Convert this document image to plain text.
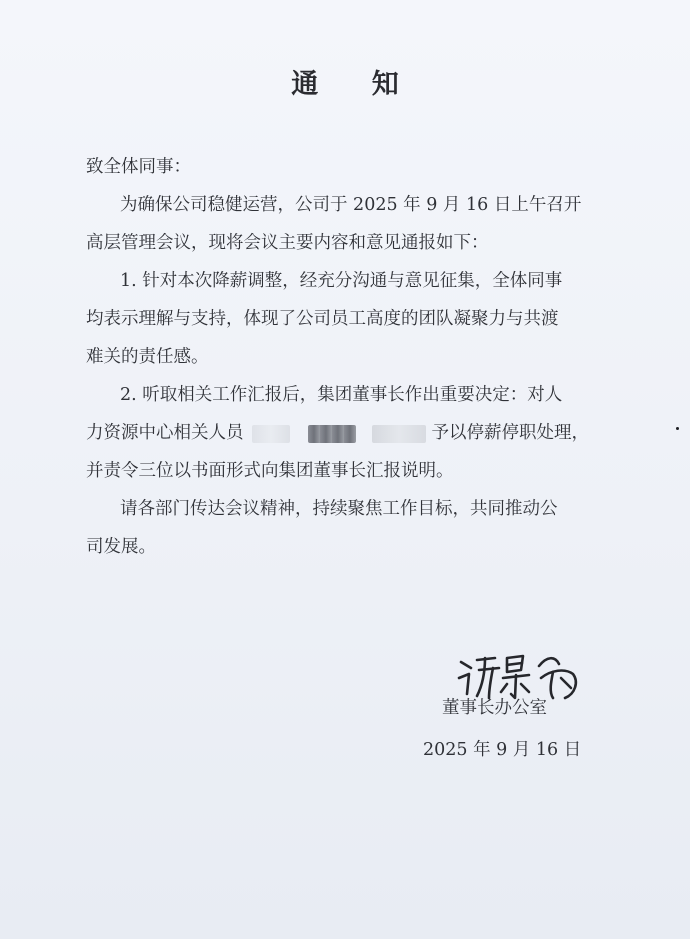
通 知
致全体同事：
为确保公司稳健运营，公司于 2025 年 9 月 16 日上午召开
高层管理会议，现将会议主要内容和意见通报如下：
1. 针对本次降薪调整，经充分沟通与意见征集，全体同事
均表示理解与支持，体现了公司员工高度的团队凝聚力与共渡
难关的责任感。
2. 听取相关工作汇报后，集团董事长作出重要决定：对人
力资源中心相关人员	予以停薪停职处理，
并责令三位以书面形式向集团董事长汇报说明。
请各部门传达会议精神，持续聚焦工作目标，共同推动公
司发展。
董事长办公室
2025 年 9 月 16 日
